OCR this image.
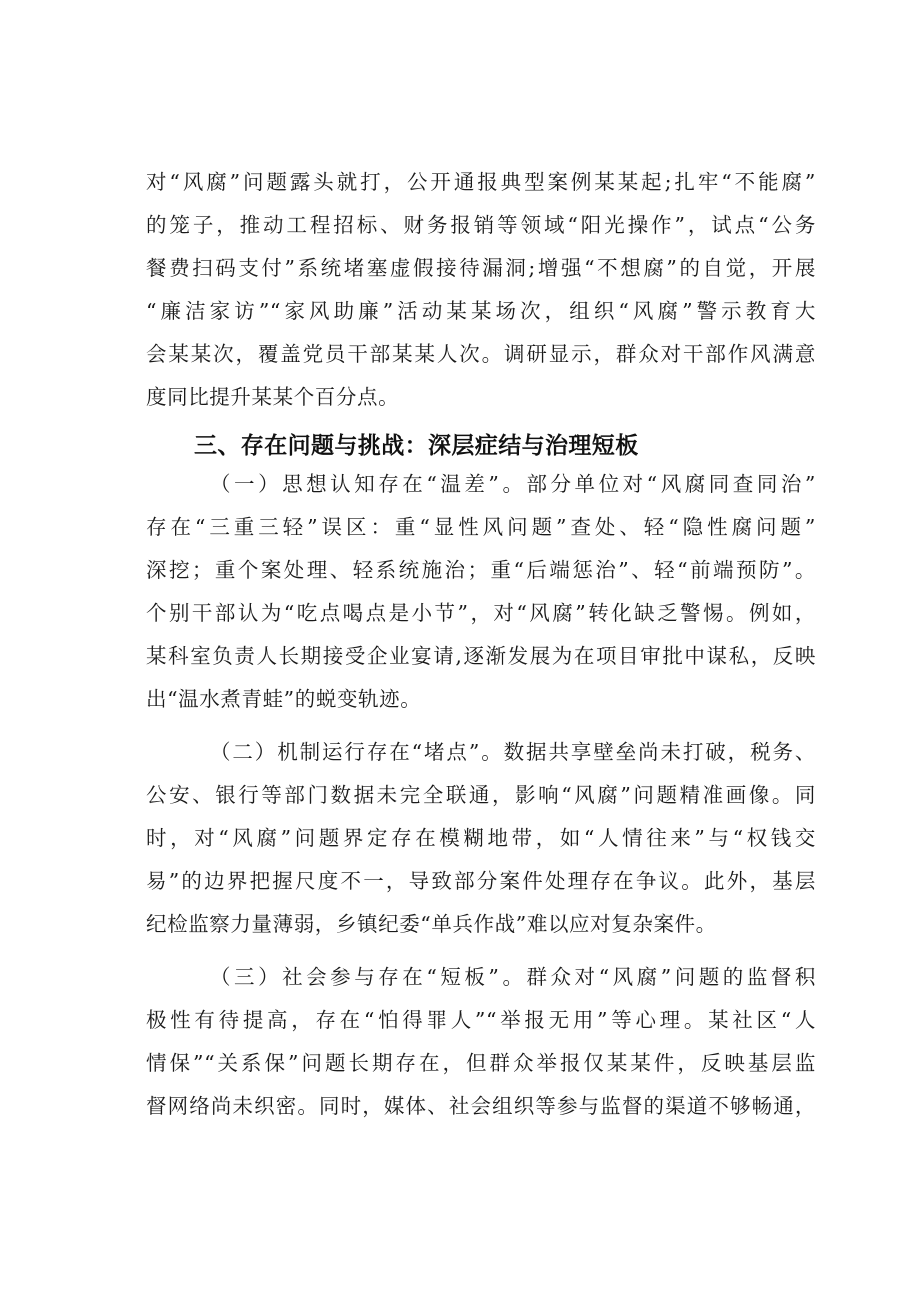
对“风腐”问题露头就打，公开通报典型案例某某起;扎牢“不能腐”
的笼子，推动工程招标、财务报销等领域“阳光操作”，试点“公务
餐费扫码支付”系统堵塞虚假接待漏洞;增强“不想腐”的自觉，开展
“廉洁家访”“家风助廉”活动某某场次，组织“风腐”警示教育大
会某某次，覆盖党员干部某某人次。调研显示，群众对干部作风满意
度同比提升某某个百分点。
三、存在问题与挑战：深层症结与治理短板
（一）思想认知存在“温差”。部分单位对“风腐同查同治”
存在“三重三轻”误区：重“显性风问题”查处、轻“隐性腐问题”
深挖；重个案处理、轻系统施治；重“后端惩治”、轻“前端预防”。
个别干部认为“吃点喝点是小节”，对“风腐”转化缺乏警惕。例如，
某科室负责人长期接受企业宴请,逐渐发展为在项目审批中谋私，反映
出“温水煮青蛙”的蜕变轨迹。
（二）机制运行存在“堵点”。数据共享壁垒尚未打破，税务、
公安、银行等部门数据未完全联通，影响“风腐”问题精准画像。同
时，对“风腐”问题界定存在模糊地带，如“人情往来”与“权钱交
易”的边界把握尺度不一，导致部分案件处理存在争议。此外，基层
纪检监察力量薄弱，乡镇纪委“单兵作战”难以应对复杂案件。
（三）社会参与存在“短板”。群众对“风腐”问题的监督积
极性有待提高，存在“怕得罪人”“举报无用”等心理。某社区“人
情保”“关系保”问题长期存在，但群众举报仅某某件，反映基层监
督网络尚未织密。同时，媒体、社会组织等参与监督的渠道不够畅通，
